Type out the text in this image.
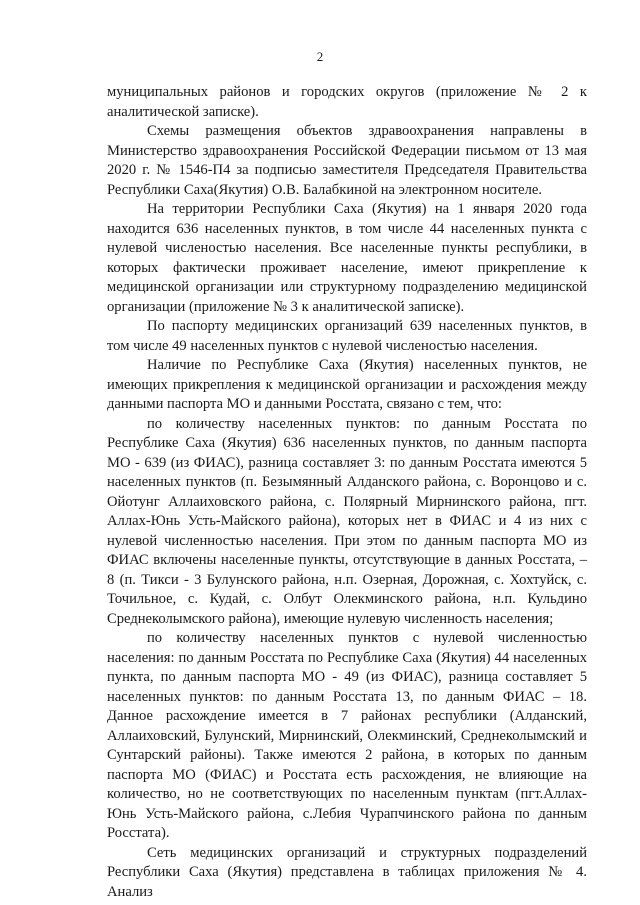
2

муниципальных районов и городских округов (приложение № 2 к аналитической записке).

Схемы размещения объектов здравоохранения направлены в Министерство здравоохранения Российской Федерации письмом от 13 мая 2020 г. № 1546-П4 за подписью заместителя Председателя Правительства Республики Саха(Якутия) О.В. Балабкиной на электронном носителе.

На территории Республики Саха (Якутия) на 1 января 2020 года находится 636 населенных пунктов, в том числе 44 населенных пункта с нулевой численостью населения. Все населенные пункты республики, в которых фактически проживает население, имеют прикрепление к медицинской организации или структурному подразделению медицинской организации (приложение № 3 к аналитической записке).

По паспорту медицинских организаций 639 населенных пунктов, в том числе 49 населенных пунктов с нулевой численостью населения.

Наличие по Республике Саха (Якутия) населенных пунктов, не имеющих прикрепления к медицинской организации и расхождения между данными паспорта МО и данными Росстата, связано с тем, что:

по количеству населенных пунктов: по данным Росстата по Республике Саха (Якутия) 636 населенных пунктов, по данным паспорта МО - 639 (из ФИАС), разница составляет 3: по данным Росстата имеются 5 населенных пунктов (п. Безымянный Алданского района, с. Воронцово и с. Ойотунг Аллаиховского района, с. Полярный Мирнинского района, пгт. Аллах-Юнь Усть-Майского района), которых нет в ФИАС и 4 из них с нулевой численностью населения. При этом по данным паспорта МО из ФИАС включены населенные пункты, отсутствующие в данных Росстата, – 8 (п. Тикси - 3 Булунского района, н.п. Озерная, Дорожная, с. Хохтуйск, с. Точильное, с. Кудай, с. Олбут Олекминского района, н.п. Кульдино Среднеколымского района), имеющие нулевую численность населения;

по количеству населенных пунктов с нулевой численностью населения: по данным Росстата по Республике Саха (Якутия) 44 населенных пункта, по данным паспорта МО - 49 (из ФИАС), разница составляет 5 населенных пунктов: по данным Росстата 13, по данным ФИАС – 18. Данное расхождение имеется в 7 районах республики (Алданский, Аллаиховский, Булунский, Мирнинский, Олекминский, Среднеколымский и Сунтарский районы). Также имеются 2 района, в которых по данным паспорта МО (ФИАС) и Росстата есть расхождения, не влияющие на количество, но не соответствующих по населенным пунктам (пгт.Аллах-Юнь Усть-Майского района, с.Лебия Чурапчинского района по данным Росстата).

Сеть медицинских организаций и структурных подразделений Республики Саха (Якутия) представлена в таблицах приложения № 4. Анализ
